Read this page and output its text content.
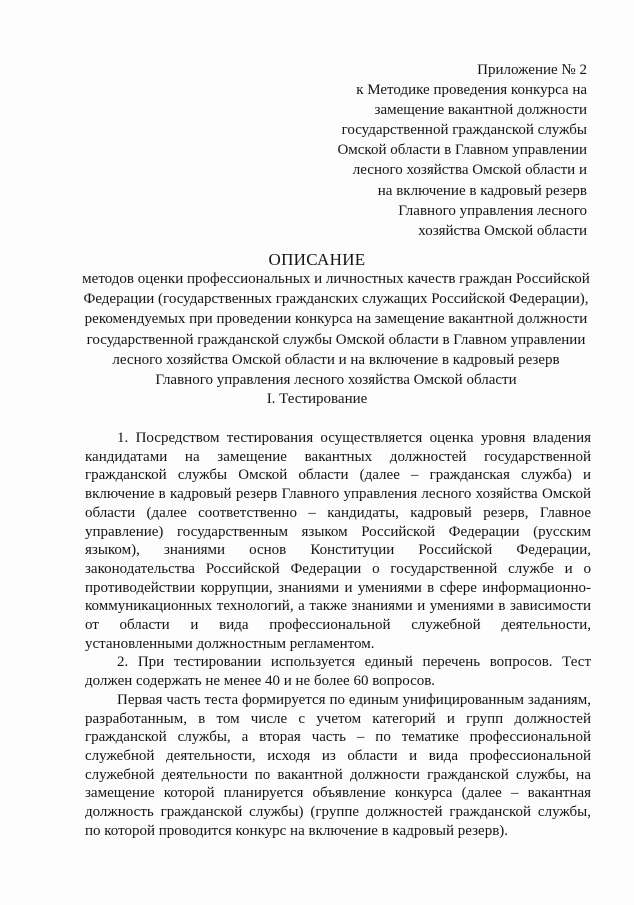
Приложение № 2
к Методике проведения конкурса на
замещение вакантной должности
государственной гражданской службы
Омской области в Главном управлении
лесного хозяйства Омской области и
на включение в кадровый резерв
Главного управления лесного
хозяйства Омской области
ОПИСАНИЕ
методов оценки профессиональных и личностных качеств граждан Российской
Федерации (государственных гражданских служащих Российской Федерации),
рекомендуемых при проведении конкурса на замещение вакантной должности
государственной гражданской службы Омской области в Главном управлении
лесного хозяйства Омской области и на включение в кадровый резерв
Главного управления лесного хозяйства Омской области
I. Тестирование

1. Посредством тестирования осуществляется оценка уровня владения кандидатами на замещение вакантных должностей государственной гражданской службы Омской области (далее – гражданская служба) и включение в кадровый резерв Главного управления лесного хозяйства Омской области (далее соответственно – кандидаты, кадровый резерв, Главное управление) государственным языком Российской Федерации (русским языком), знаниями основ Конституции Российской Федерации, законодательства Российской Федерации о государственной службе и о противодействии коррупции, знаниями и умениями в сфере информационно-коммуникационных технологий, а также знаниями и умениями в зависимости от области и вида профессиональной служебной деятельности, установленными должностным регламентом.

2. При тестировании используется единый перечень вопросов. Тест должен содержать не менее 40 и не более 60 вопросов.

Первая часть теста формируется по единым унифицированным заданиям, разработанным, в том числе с учетом категорий и групп должностей гражданской службы, а вторая часть – по тематике профессиональной служебной деятельности, исходя из области и вида профессиональной служебной деятельности по вакантной должности гражданской службы, на замещение которой планируется объявление конкурса (далее – вакантная должность гражданской службы) (группе должностей гражданской службы, по которой проводится конкурс на включение в кадровый резерв).
